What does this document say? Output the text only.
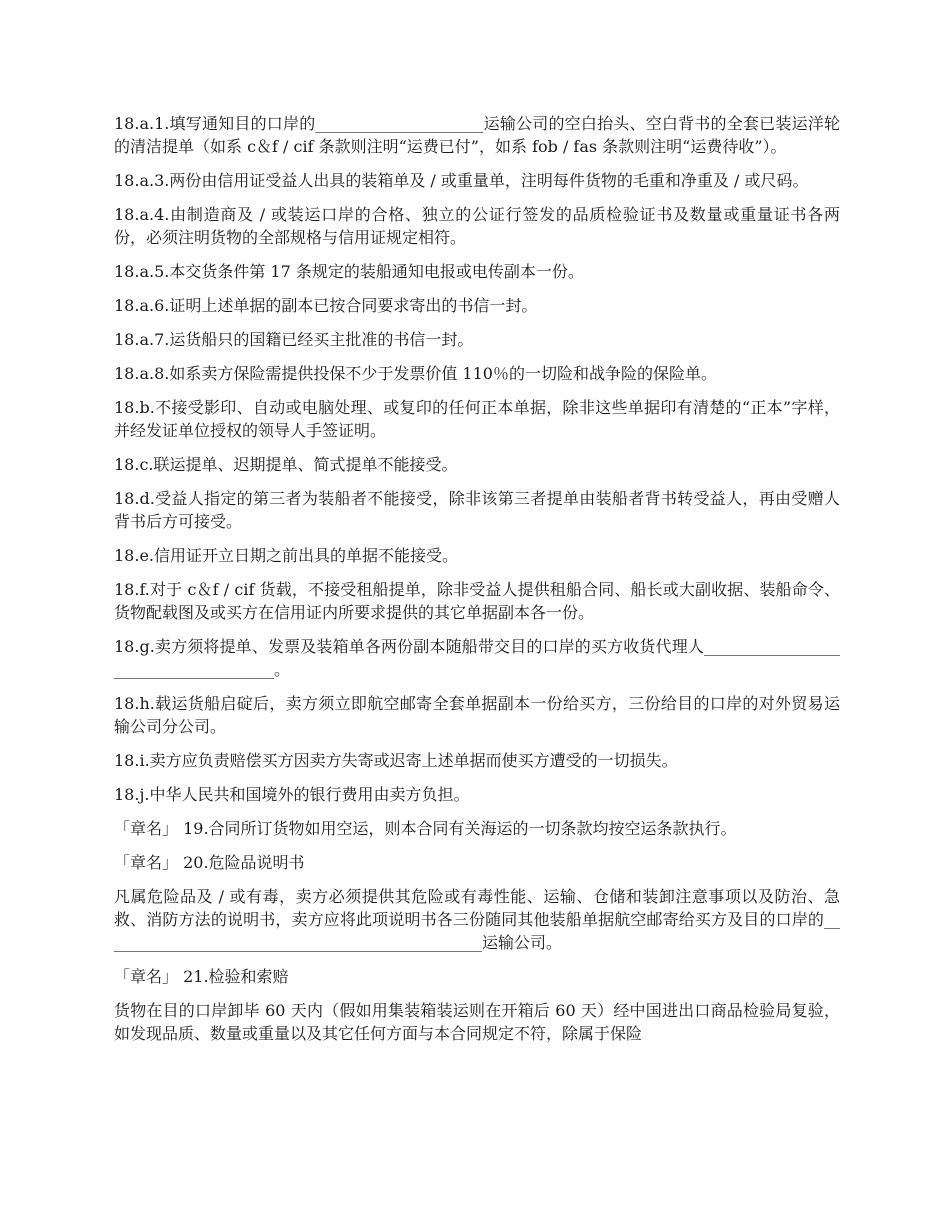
18.a.1.填写通知目的口岸的_____________________运输公司的空白抬头、空白背书的全套已装运洋轮的清洁提单（如系 c＆f / cif 条款则注明“运费已付”，如系 fob / fas 条款则注明“运费待收”）。

18.a.3.两份由信用证受益人出具的装箱单及 / 或重量单，注明每件货物的毛重和净重及 / 或尺码。

18.a.4.由制造商及 / 或装运口岸的合格、独立的公证行签发的品质检验证书及数量或重量证书各两份，必须注明货物的全部规格与信用证规定相符。

18.a.5.本交货条件第 17 条规定的装船通知电报或电传副本一份。

18.a.6.证明上述单据的副本已按合同要求寄出的书信一封。

18.a.7.运货船只的国籍已经买主批准的书信一封。

18.a.8.如系卖方保险需提供投保不少于发票价值 110％的一切险和战争险的保险单。

18.b.不接受影印、自动或电脑处理、或复印的任何正本单据，除非这些单据印有清楚的“正本”字样，并经发证单位授权的领导人手签证明。

18.c.联运提单、迟期提单、简式提单不能接受。

18.d.受益人指定的第三者为装船者不能接受，除非该第三者提单由装船者背书转受益人，再由受赠人背书后方可接受。

18.e.信用证开立日期之前出具的单据不能接受。

18.f.对于 c＆f / cif 货载，不接受租船提单，除非受益人提供租船合同、船长或大副收据、装船命令、货物配载图及或买方在信用证内所要求提供的其它单据副本各一份。

18.g.卖方须将提单、发票及装箱单各两份副本随船带交目的口岸的买方收货代理人_____________________________________。

18.h.载运货船启碇后，卖方须立即航空邮寄全套单据副本一份给买方，三份给目的口岸的对外贸易运输公司分公司。

18.i.卖方应负责赔偿买方因卖方失寄或迟寄上述单据而使买方遭受的一切损失。

18.j.中华人民共和国境外的银行费用由卖方负担。

「章名」 19.合同所订货物如用空运，则本合同有关海运的一切条款均按空运条款执行。

「章名」 20.危险品说明书

凡属危险品及 / 或有毒，卖方必须提供其危险或有毒性能、运输、仓储和装卸注意事项以及防治、急救、消防方法的说明书，卖方应将此项说明书各三份随同其他装船单据航空邮寄给买方及目的口岸的________________________________________________运输公司。

「章名」 21.检验和索赔

货物在目的口岸卸毕 60 天内（假如用集装箱装运则在开箱后 60 天）经中国进出口商品检验局复验，如发现品质、数量或重量以及其它任何方面与本合同规定不符，除属于保险
